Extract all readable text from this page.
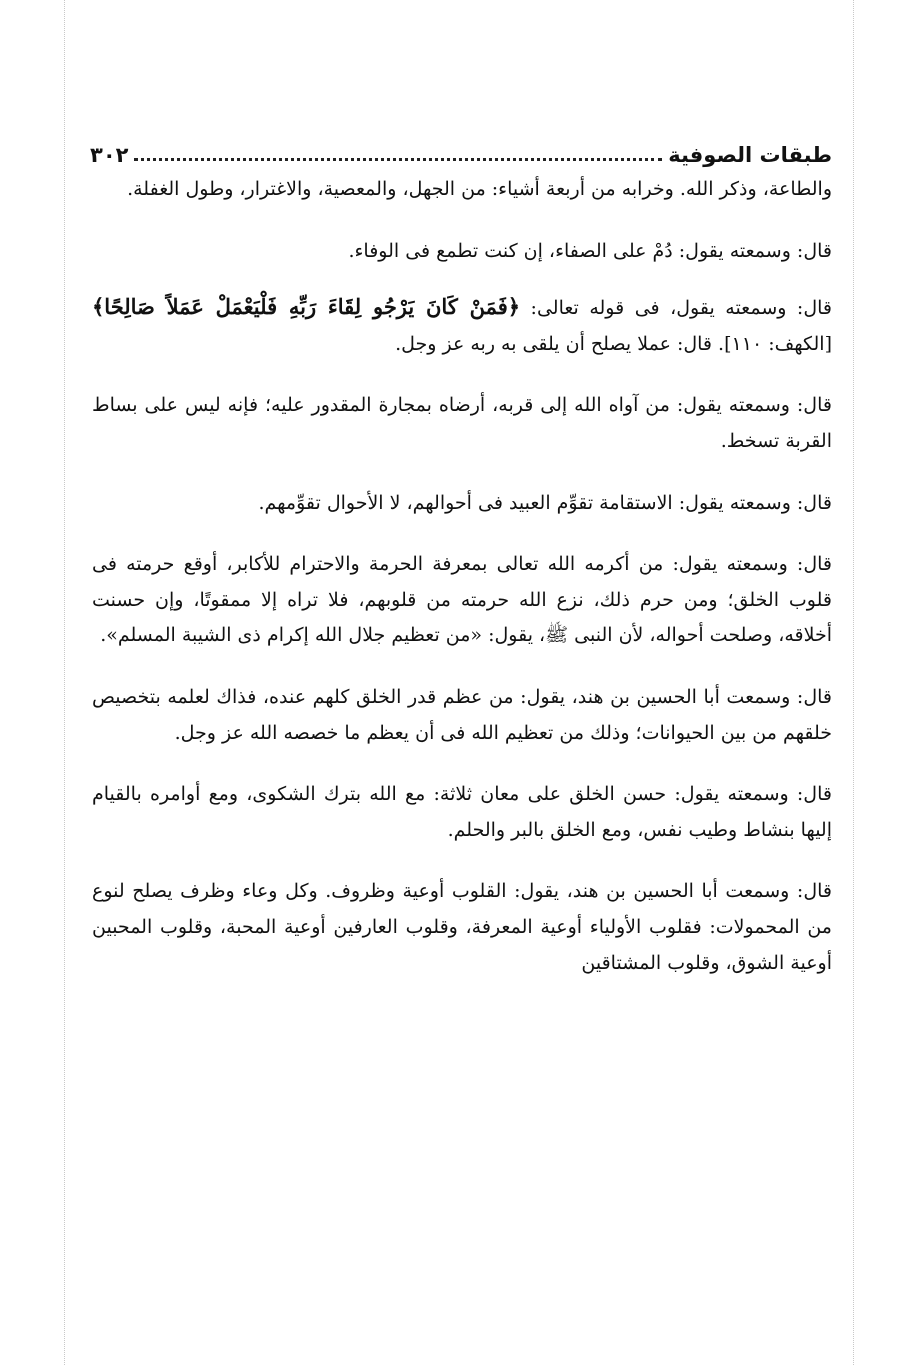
طبقات الصوفية
٣٠٢

والطاعة، وذكر الله. وخرابه من أربعة أشياء: من الجهل، والمعصية، والاغترار، وطول الغفلة.

قال: وسمعته يقول: دُمْ على الصفاء، إن كنت تطمع فى الوفاء.

قال: وسمعته يقول، فى قوله تعالى: ﴿فَمَنْ كَانَ يَرْجُو لِقَاءَ رَبِّهِ فَلْيَعْمَلْ عَمَلاً صَالِحًا﴾ [الكهف: ١١٠]. قال: عملا يصلح أن يلقى به ربه عز وجل.

قال: وسمعته يقول: من آواه الله إلى قربه، أرضاه بمجارة المقدور عليه؛ فإنه ليس على بساط القربة تسخط.

قال: وسمعته يقول: الاستقامة تقوِّم العبيد فى أحوالهم، لا الأحوال تقوِّمهم.

قال: وسمعته يقول: من أكرمه الله تعالى بمعرفة الحرمة والاحترام للأكابر، أوقع حرمته فى قلوب الخلق؛ ومن حرم ذلك، نزع الله حرمته من قلوبهم، فلا تراه إلا ممقوتًا، وإن حسنت أخلاقه، وصلحت أحواله، لأن النبى ﷺ، يقول: «من تعظيم جلال الله إكرام ذى الشيبة المسلم».

قال: وسمعت أبا الحسين بن هند، يقول: من عظم قدر الخلق كلهم عنده، فذاك لعلمه بتخصيص خلقهم من بين الحيوانات؛ وذلك من تعظيم الله فى أن يعظم ما خصصه الله عز وجل.

قال: وسمعته يقول: حسن الخلق على معان ثلاثة: مع الله بترك الشكوى، ومع أوامره بالقيام إليها بنشاط وطيب نفس، ومع الخلق بالبر والحلم.

قال: وسمعت أبا الحسين بن هند، يقول: القلوب أوعية وظروف. وكل وعاء وظرف يصلح لنوع من المحمولات: فقلوب الأولياء أوعية المعرفة، وقلوب العارفين أوعية المحبة، وقلوب المحبين أوعية الشوق، وقلوب المشتاقين
